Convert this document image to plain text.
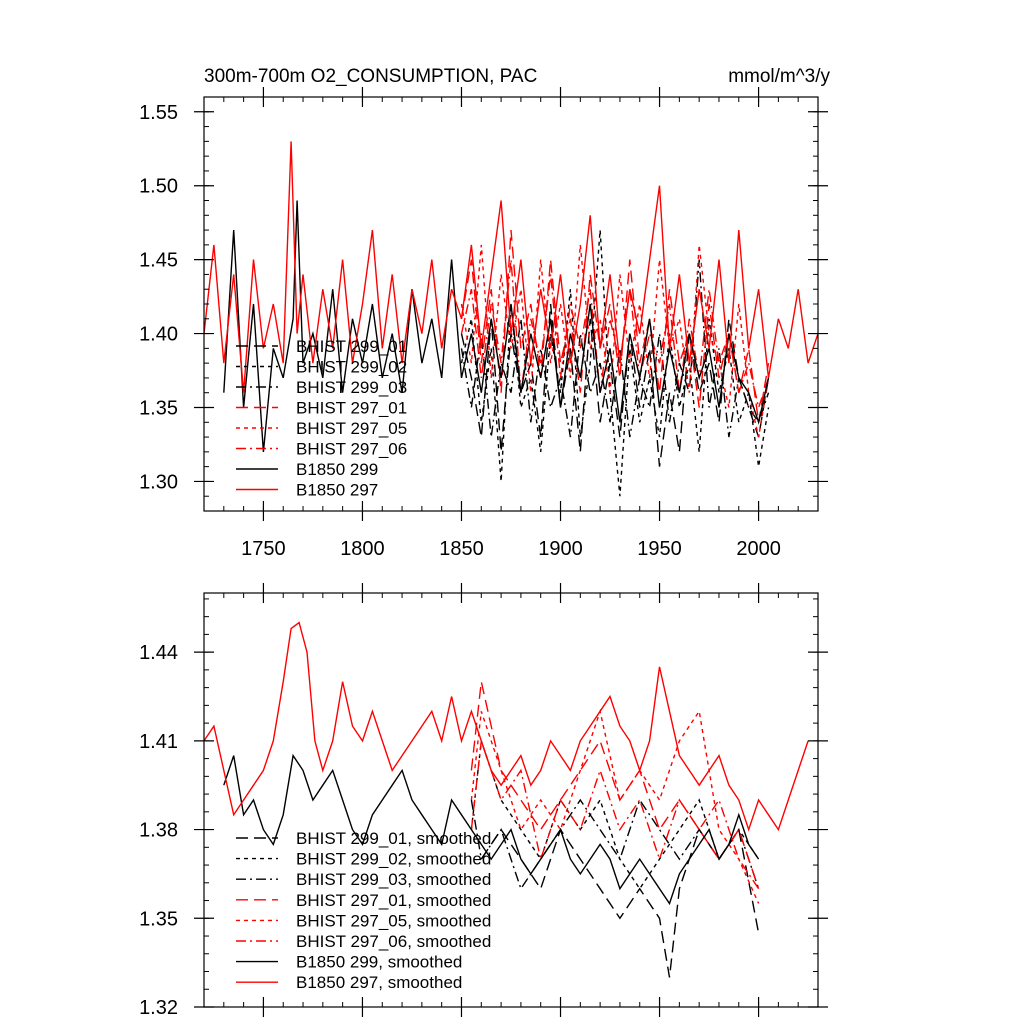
300m-700m O2_CONSUMPTION, PAC	mmol/m^3/y
1.30
1.35
1.40
1.45
1.50
1.55
1750	1800	1850	1900	1950	2000
BHIST 299_01
BHIST 299_02
BHIST 299_03
BHIST 297_01
BHIST 297_05
BHIST 297_06
B1850 299
B1850 297
1.32
1.35
1.38
1.41
1.44
BHIST 299_01, smoothed
BHIST 299_02, smoothed
BHIST 299_03, smoothed
BHIST 297_01, smoothed
BHIST 297_05, smoothed
BHIST 297_06, smoothed
B1850 299, smoothed
B1850 297, smoothed
